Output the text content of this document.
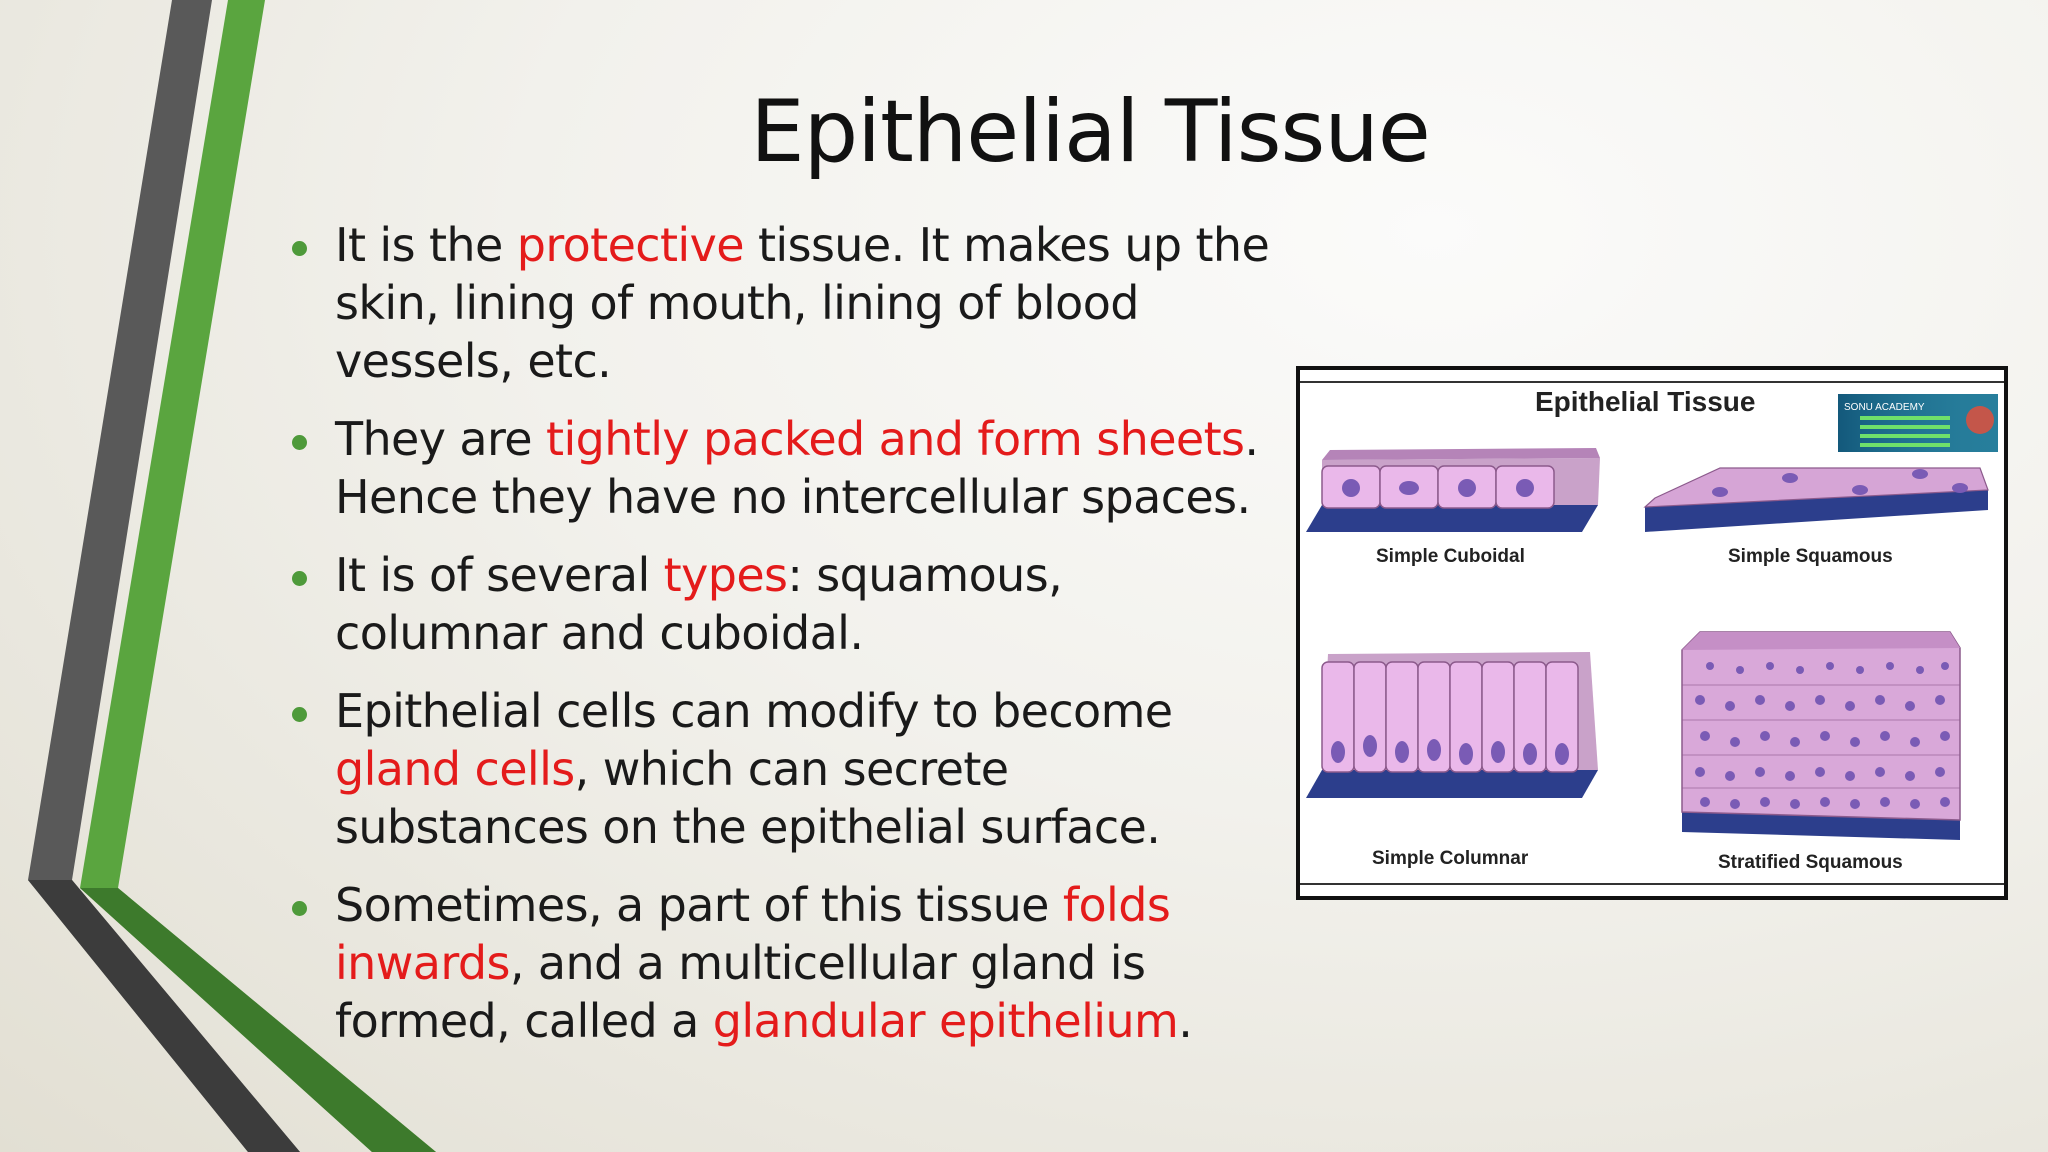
Epithelial Tissue
It is the protective tissue. It makes up the skin, lining of mouth, lining of blood vessels, etc.
They are tightly packed and form sheets. Hence they have no intercellular spaces.
It is of several types: squamous, columnar and cuboidal.
Epithelial cells can modify to become gland cells, which can secrete substances on the epithelial surface.
Sometimes, a part of this tissue folds inwards, and a multicellular gland is formed, called a glandular epithelium.
Epithelial Tissue	SONU ACADEMY
Simple Cuboidal	Simple Squamous
Simple Columnar	Stratified Squamous
